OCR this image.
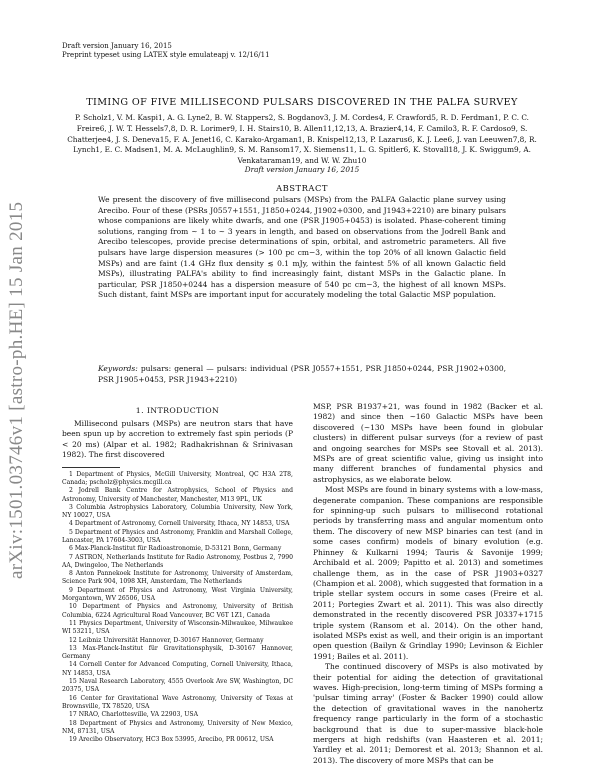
arXiv:1501.03746v1 [astro-ph.HE] 15 Jan 2015
Draft version January 16, 2015
Preprint typeset using LATEX style emulateapj v. 12/16/11
TIMING OF FIVE MILLISECOND PULSARS DISCOVERED IN THE PALFA SURVEY
P. Scholz1, V. M. Kaspi1, A. G. Lyne2, B. W. Stappers2, S. Bogdanov3, J. M. Cordes4, F. Crawford5, R. D. Ferdman1, P. C. C. Freire6, J. W. T. Hessels7,8, D. R. Lorimer9, I. H. Stairs10, B. Allen11,12,13, A. Brazier4,14, F. Camilo3, R. F. Cardoso9, S. Chatterjee4, J. S. Deneva15, F. A. Jenet16, C. Karako-Argaman1, B. Knispel12,13, P. Lazarus6, K. J. Lee6, J. van Leeuwen7,8, R. Lynch1, E. C. Madsen1, M. A. McLaughlin9, S. M. Ransom17, X. Siemens11, L. G. Spitler6, K. Stovall18, J. K. Swiggum9, A. Venkataraman19, and W. W. Zhu10
Draft version January 16, 2015
ABSTRACT
We present the discovery of five millisecond pulsars (MSPs) from the PALFA Galactic plane survey using Arecibo. Four of these (PSRs J0557+1551, J1850+0244, J1902+0300, and J1943+2210) are binary pulsars whose companions are likely white dwarfs, and one (PSR J1905+0453) is isolated. Phase-coherent timing solutions, ranging from ~ 1 to ~ 3 years in length, and based on observations from the Jodrell Bank and Arecibo telescopes, provide precise determinations of spin, orbital, and astrometric parameters. All five pulsars have large dispersion measures (> 100 pc cm−3, within the top 20% of all known Galactic field MSPs) and are faint (1.4 GHz flux density ≲ 0.1 mJy, within the faintest 5% of all known Galactic field MSPs), illustrating PALFA's ability to find increasingly faint, distant MSPs in the Galactic plane. In particular, PSR J1850+0244 has a dispersion measure of 540 pc cm−3, the highest of all known MSPs. Such distant, faint MSPs are important input for accurately modeling the total Galactic MSP population.
Keywords: pulsars: general — pulsars: individual (PSR J0557+1551, PSR J1850+0244, PSR J1902+0300, PSR J1905+0453, PSR J1943+2210)
1. INTRODUCTION

Millisecond pulsars (MSPs) are neutron stars that have been spun up by accretion to extremely fast spin periods (P < 20 ms) (Alpar et al. 1982; Radhakrishnan & Srinivasan 1982). The first discovered

1 Department of Physics, McGill University, Montreal, QC H3A 2T8, Canada; pscholz@physics.mcgill.ca

2 Jodrell Bank Centre for Astrophysics, School of Physics and Astronomy, University of Manchester, Manchester, M13 9PL, UK

3 Columbia Astrophysics Laboratory, Columbia University, New York, NY 10027, USA

4 Department of Astronomy, Cornell University, Ithaca, NY 14853, USA

5 Department of Physics and Astronomy, Franklin and Marshall College, Lancaster, PA 17604-3003, USA

6 Max-Planck-Institut für Radioastronomie, D-53121 Bonn, Germany

7 ASTRON, Netherlands Institute for Radio Astronomy, Postbus 2, 7990 AA, Dwingeloo, The Netherlands

8 Anton Pannekoek Institute for Astronomy, University of Amsterdam, Science Park 904, 1098 XH, Amsterdam, The Netherlands

9 Department of Physics and Astronomy, West Virginia University, Morgantown, WV 26506, USA

10 Department of Physics and Astronomy, University of British Columbia, 6224 Agricultural Road Vancouver, BC V6T 1Z1, Canada

11 Physics Department, University of Wisconsin-Milwaukee, Milwaukee WI 53211, USA

12 Leibniz Universität Hannover, D-30167 Hannover, Germany

13 Max-Planck-Institut für Gravitationsphysik, D-30167 Hannover, Germany

14 Cornell Center for Advanced Computing, Cornell University, Ithaca, NY 14853, USA

15 Naval Research Laboratory, 4555 Overlook Ave SW, Washington, DC 20375, USA

16 Center for Gravitational Wave Astronomy, University of Texas at Brownsville, TX 78520, USA

17 NRAO, Charlottesville, VA 22903, USA

18 Department of Physics and Astronomy, University of New Mexico, NM, 87131, USA

19 Arecibo Observatory, HC3 Box 53995, Arecibo, PR 00612, USA

MSP, PSR B1937+21, was found in 1982 (Backer et al. 1982) and since then ~160 Galactic MSPs have been discovered (~130 MSPs have been found in globular clusters) in different pulsar surveys (for a review of past and ongoing searches for MSPs see Stovall et al. 2013). MSPs are of great scientific value, giving us insight into many different branches of fundamental physics and astrophysics, as we elaborate below.

Most MSPs are found in binary systems with a low-mass, degenerate companion. These companions are responsible for spinning-up such pulsars to millisecond rotational periods by transferring mass and angular momentum onto them. The discovery of new MSP binaries can test (and in some cases confirm) models of binary evolution (e.g. Phinney & Kulkarni 1994; Tauris & Savonije 1999; Archibald et al. 2009; Papitto et al. 2013) and sometimes challenge them, as in the case of PSR J1903+0327 (Champion et al. 2008), which suggested that formation in a triple stellar system occurs in some cases (Freire et al. 2011; Portegies Zwart et al. 2011). This was also directly demonstrated in the recently discovered PSR J0337+1715 triple system (Ransom et al. 2014). On the other hand, isolated MSPs exist as well, and their origin is an important open question (Bailyn & Grindlay 1990; Levinson & Eichler 1991; Bailes et al. 2011).

The continued discovery of MSPs is also motivated by their potential for aiding the detection of gravitational waves. High-precision, long-term timing of MSPs forming a 'pulsar timing array' (Foster & Backer 1990) could allow the detection of gravitational waves in the nanohertz frequency range particularly in the form of a stochastic background that is due to super-massive black-hole mergers at high redshifts (van Haasteren et al. 2011; Yardley et al. 2011; Demorest et al. 2013; Shannon et al. 2013). The discovery of more MSPs that can be
